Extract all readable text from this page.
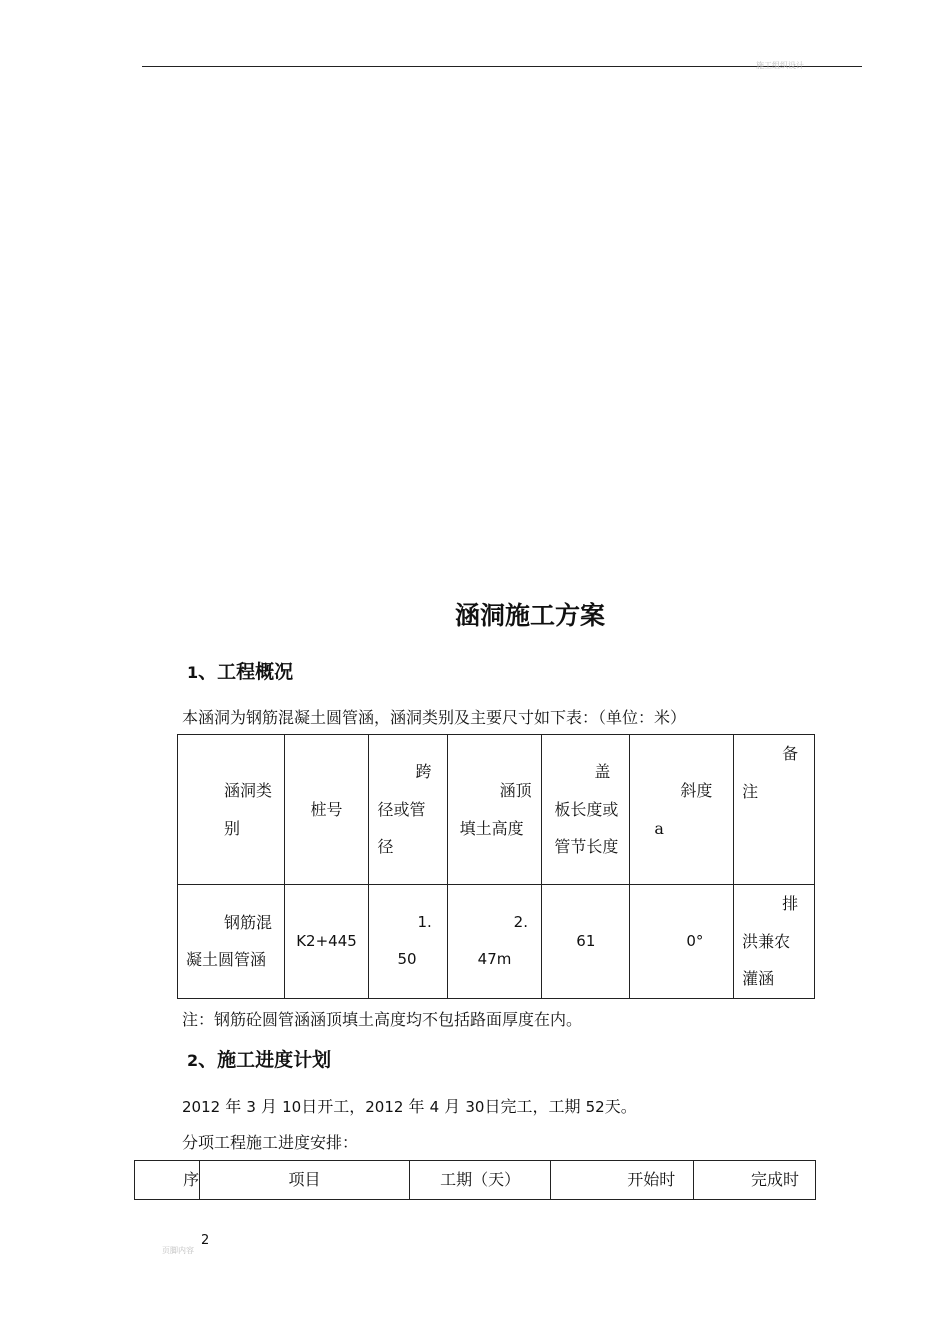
施工组织设计
涵洞施工方案
1、工程概况
本涵洞为钢筋混凝土圆管涵，涵洞类别及主要尺寸如下表：（单位：米）
涵洞类别	桩号	跨径或管径	涵顶填土高度	盖板长度或管节长度	斜度 a	备注
钢筋混凝土圆管涵	K2+445	1.50	2.47m	61	0°	排洪兼农灌涵
注：钢筋砼圆管涵涵顶填土高度均不包括路面厚度在内。
2、施工进度计划
2012 年 3 月 10日开工，2012 年 4 月 30日完工，工期 52天。
分项工程施工进度安排：
序	项目	工期（天）	开始时	完成时
页脚内容
2
